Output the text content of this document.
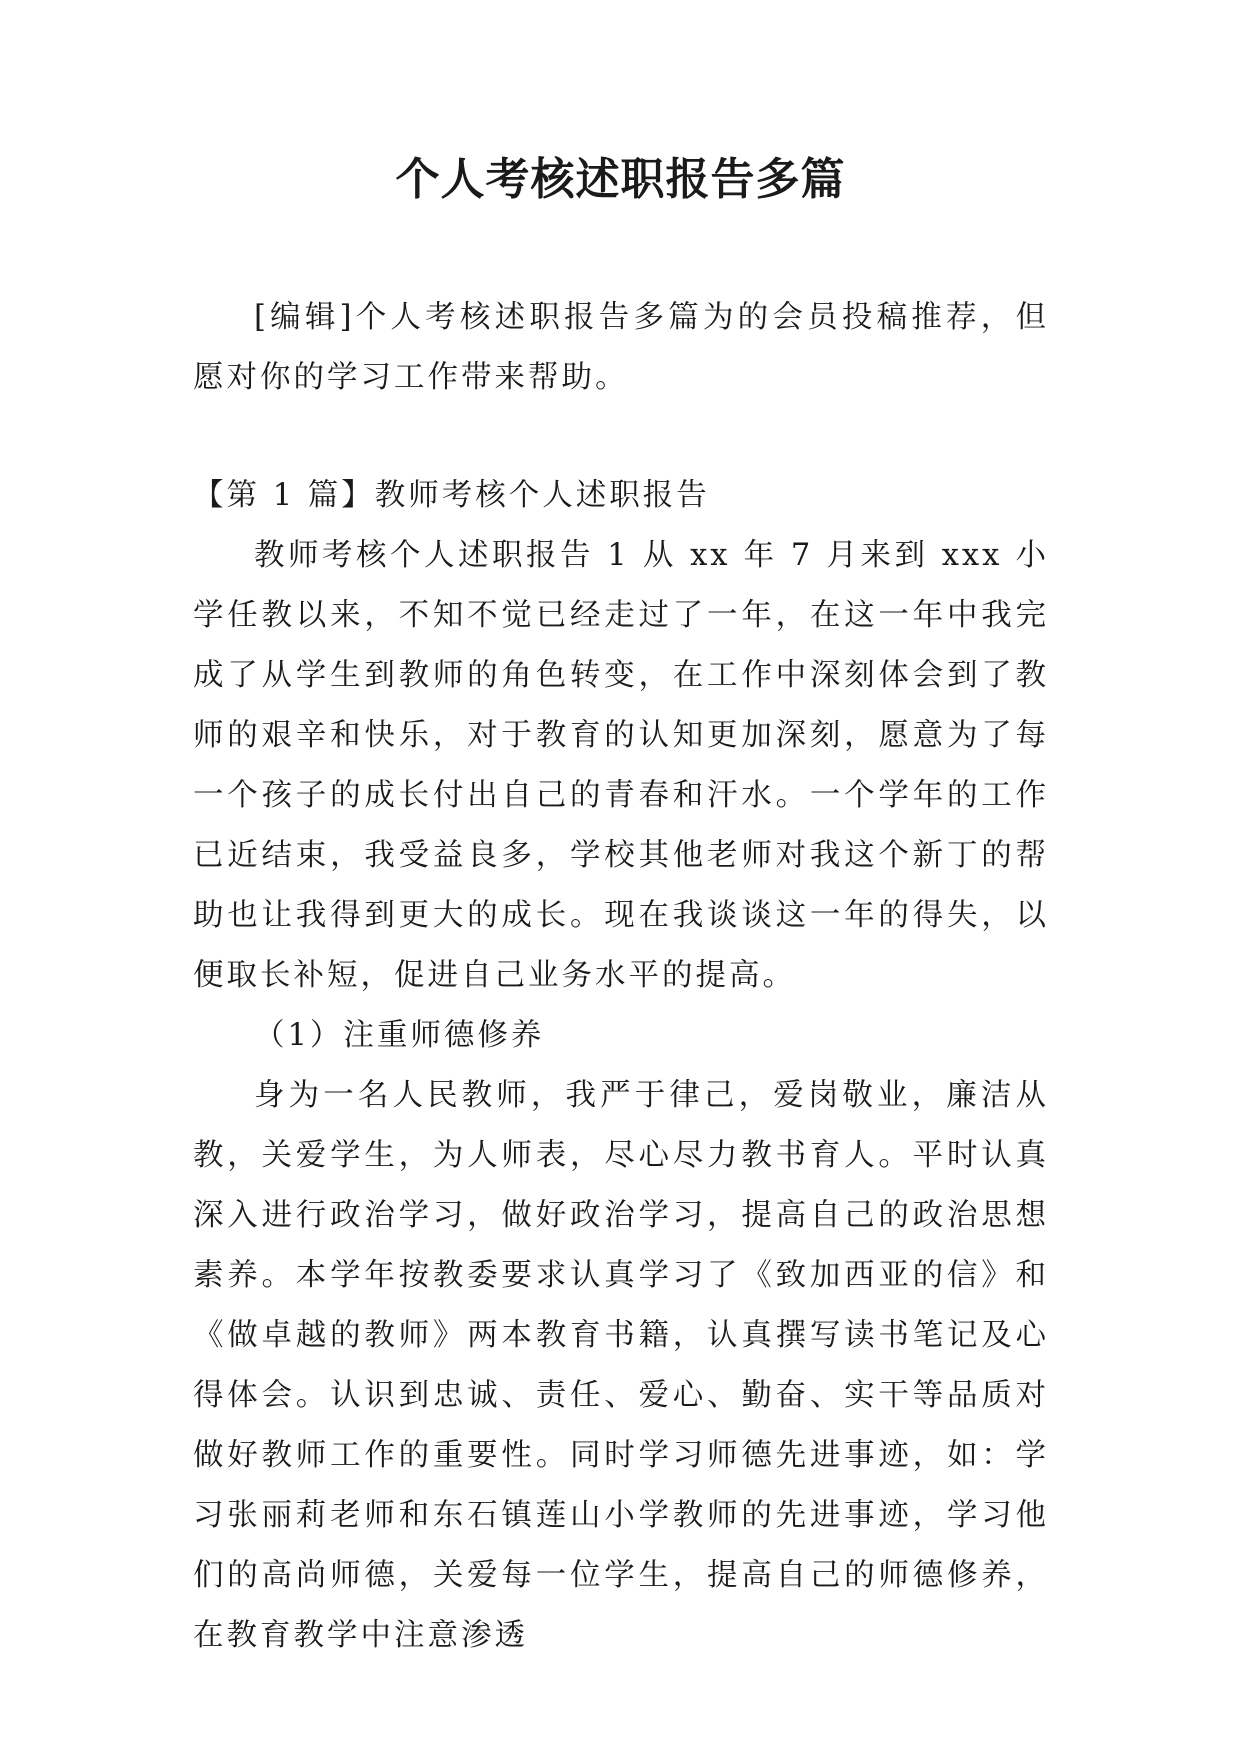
个人考核述职报告多篇

[编辑]个人考核述职报告多篇为的会员投稿推荐，但愿对你的学习工作带来帮助。

【第 1 篇】教师考核个人述职报告

教师考核个人述职报告 1 从 xx 年 7 月来到 xxx 小学任教以来，不知不觉已经走过了一年，在这一年中我完成了从学生到教师的角色转变，在工作中深刻体会到了教师的艰辛和快乐，对于教育的认知更加深刻，愿意为了每一个孩子的成长付出自己的青春和汗水。一个学年的工作已近结束，我受益良多，学校其他老师对我这个新丁的帮助也让我得到更大的成长。现在我谈谈这一年的得失，以便取长补短，促进自己业务水平的提高。

（1）注重师德修养

身为一名人民教师，我严于律己，爱岗敬业，廉洁从教，关爱学生，为人师表，尽心尽力教书育人。平时认真深入进行政治学习，做好政治学习，提高自己的政治思想素养。本学年按教委要求认真学习了《致加西亚的信》和《做卓越的教师》两本教育书籍，认真撰写读书笔记及心得体会。认识到忠诚、责任、爱心、勤奋、实干等品质对做好教师工作的重要性。同时学习师德先进事迹，如：学习张丽莉老师和东石镇莲山小学教师的先进事迹，学习他们的高尚师德，关爱每一位学生，提高自己的师德修养，在教育教学中注意渗透
